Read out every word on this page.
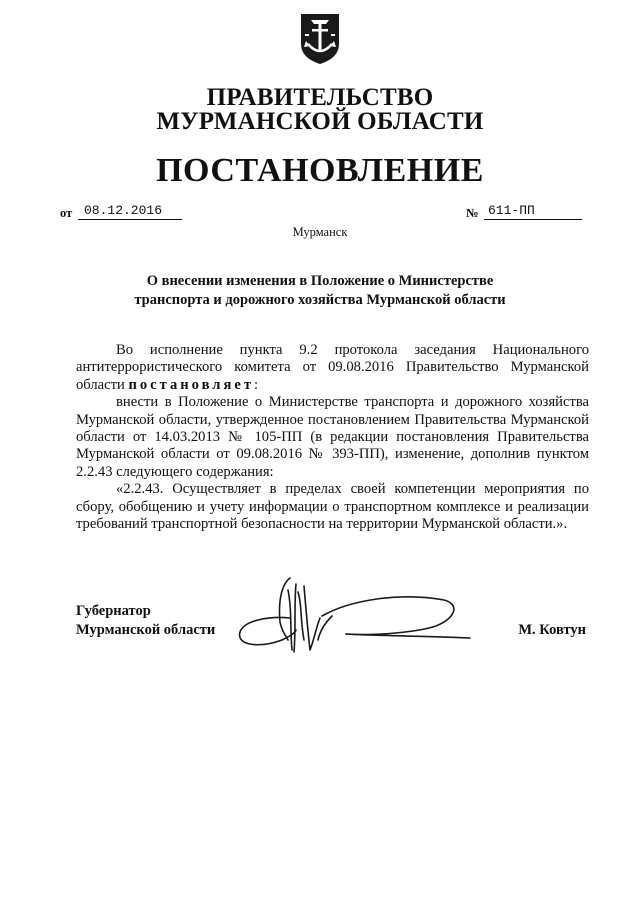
ПРАВИТЕЛЬСТВО
МУРМАНСКОЙ ОБЛАСТИ
ПОСТАНОВЛЕНИЕ
от 08.12.2016	№ 611-ПП
Мурманск
О внесении изменения в Положение о Министерстве
транспорта и дорожного хозяйства Мурманской области

Во исполнение пункта 9.2 протокола заседания Национального антитеррористического комитета от 09.08.2016 Правительство Мурманской области постановляет:

внести в Положение о Министерстве транспорта и дорожного хозяйства Мурманской области, утвержденное постановлением Правительства Мурманской области от 14.03.2013 № 105-ПП (в редакции постановления Правительства Мурманской области от 09.08.2016 № 393-ПП), изменение, дополнив пунктом 2.2.43 следующего содержания:

«2.2.43. Осуществляет в пределах своей компетенции мероприятия по сбору, обобщению и учету информации о транспортном комплексе и реализации требований транспортной безопасности на территории Мурманской области.».

Губернатор
Мурманской области	М. Ковтун
